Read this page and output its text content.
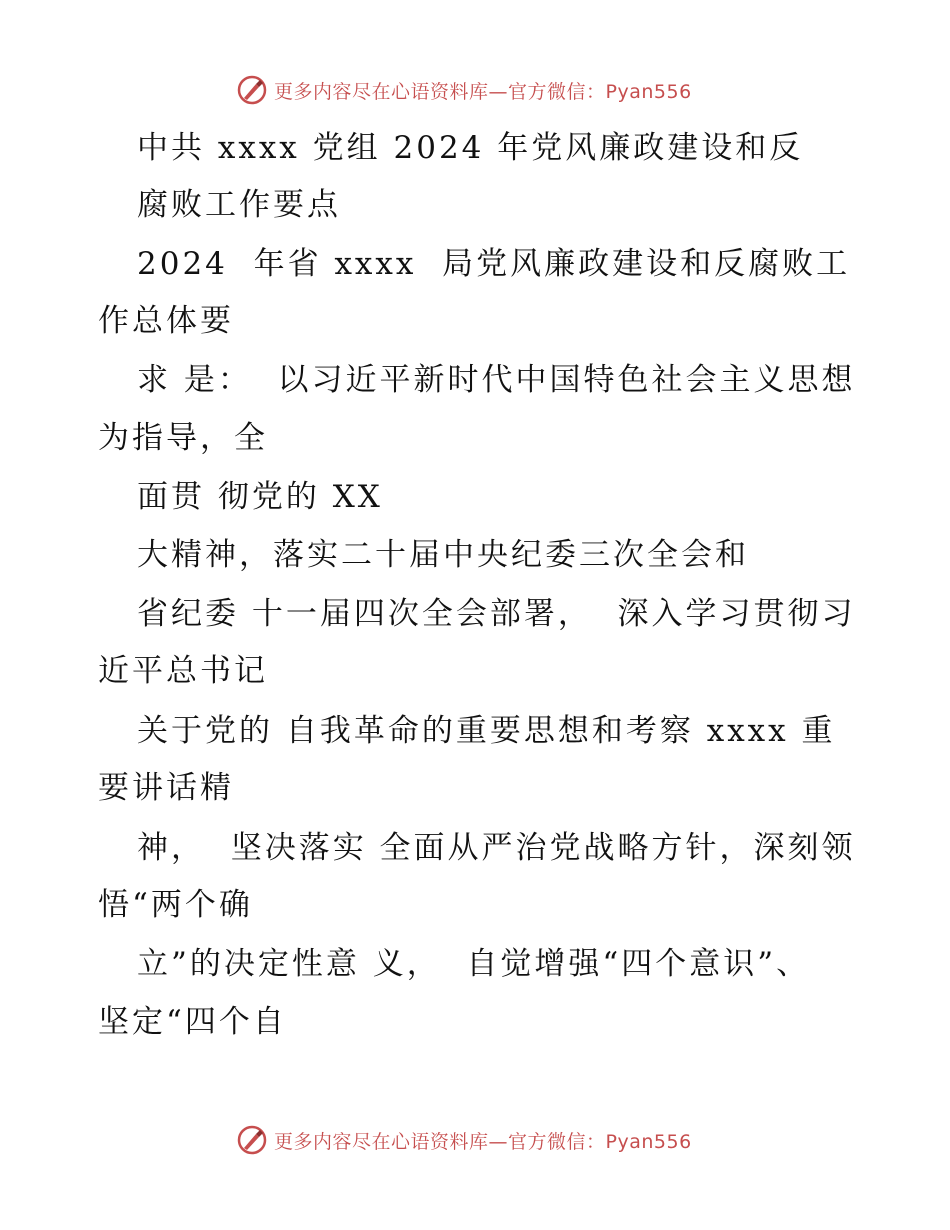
更多内容尽在心语资料库—官方微信：Pyan556
中共 xxxx 党组 2024 年党风廉政建设和反
腐败工作要点
2024  年省 xxxx  局党风廉政建设和反腐败工
作总体要
求 是：  以习近平新时代中国特色社会主义思想
为指导，全
面贯 彻党的 XX
大精神，落实二十届中央纪委三次全会和
省纪委 十一届四次全会部署，  深入学习贯彻习
近平总书记
关于党的 自我革命的重要思想和考察 xxxx 重
要讲话精
神，  坚决落实 全面从严治党战略方针，深刻领
悟“两个确
立”的决定性意 义，  自觉增强“四个意识”、
坚定“四个自
更多内容尽在心语资料库—官方微信：Pyan556
